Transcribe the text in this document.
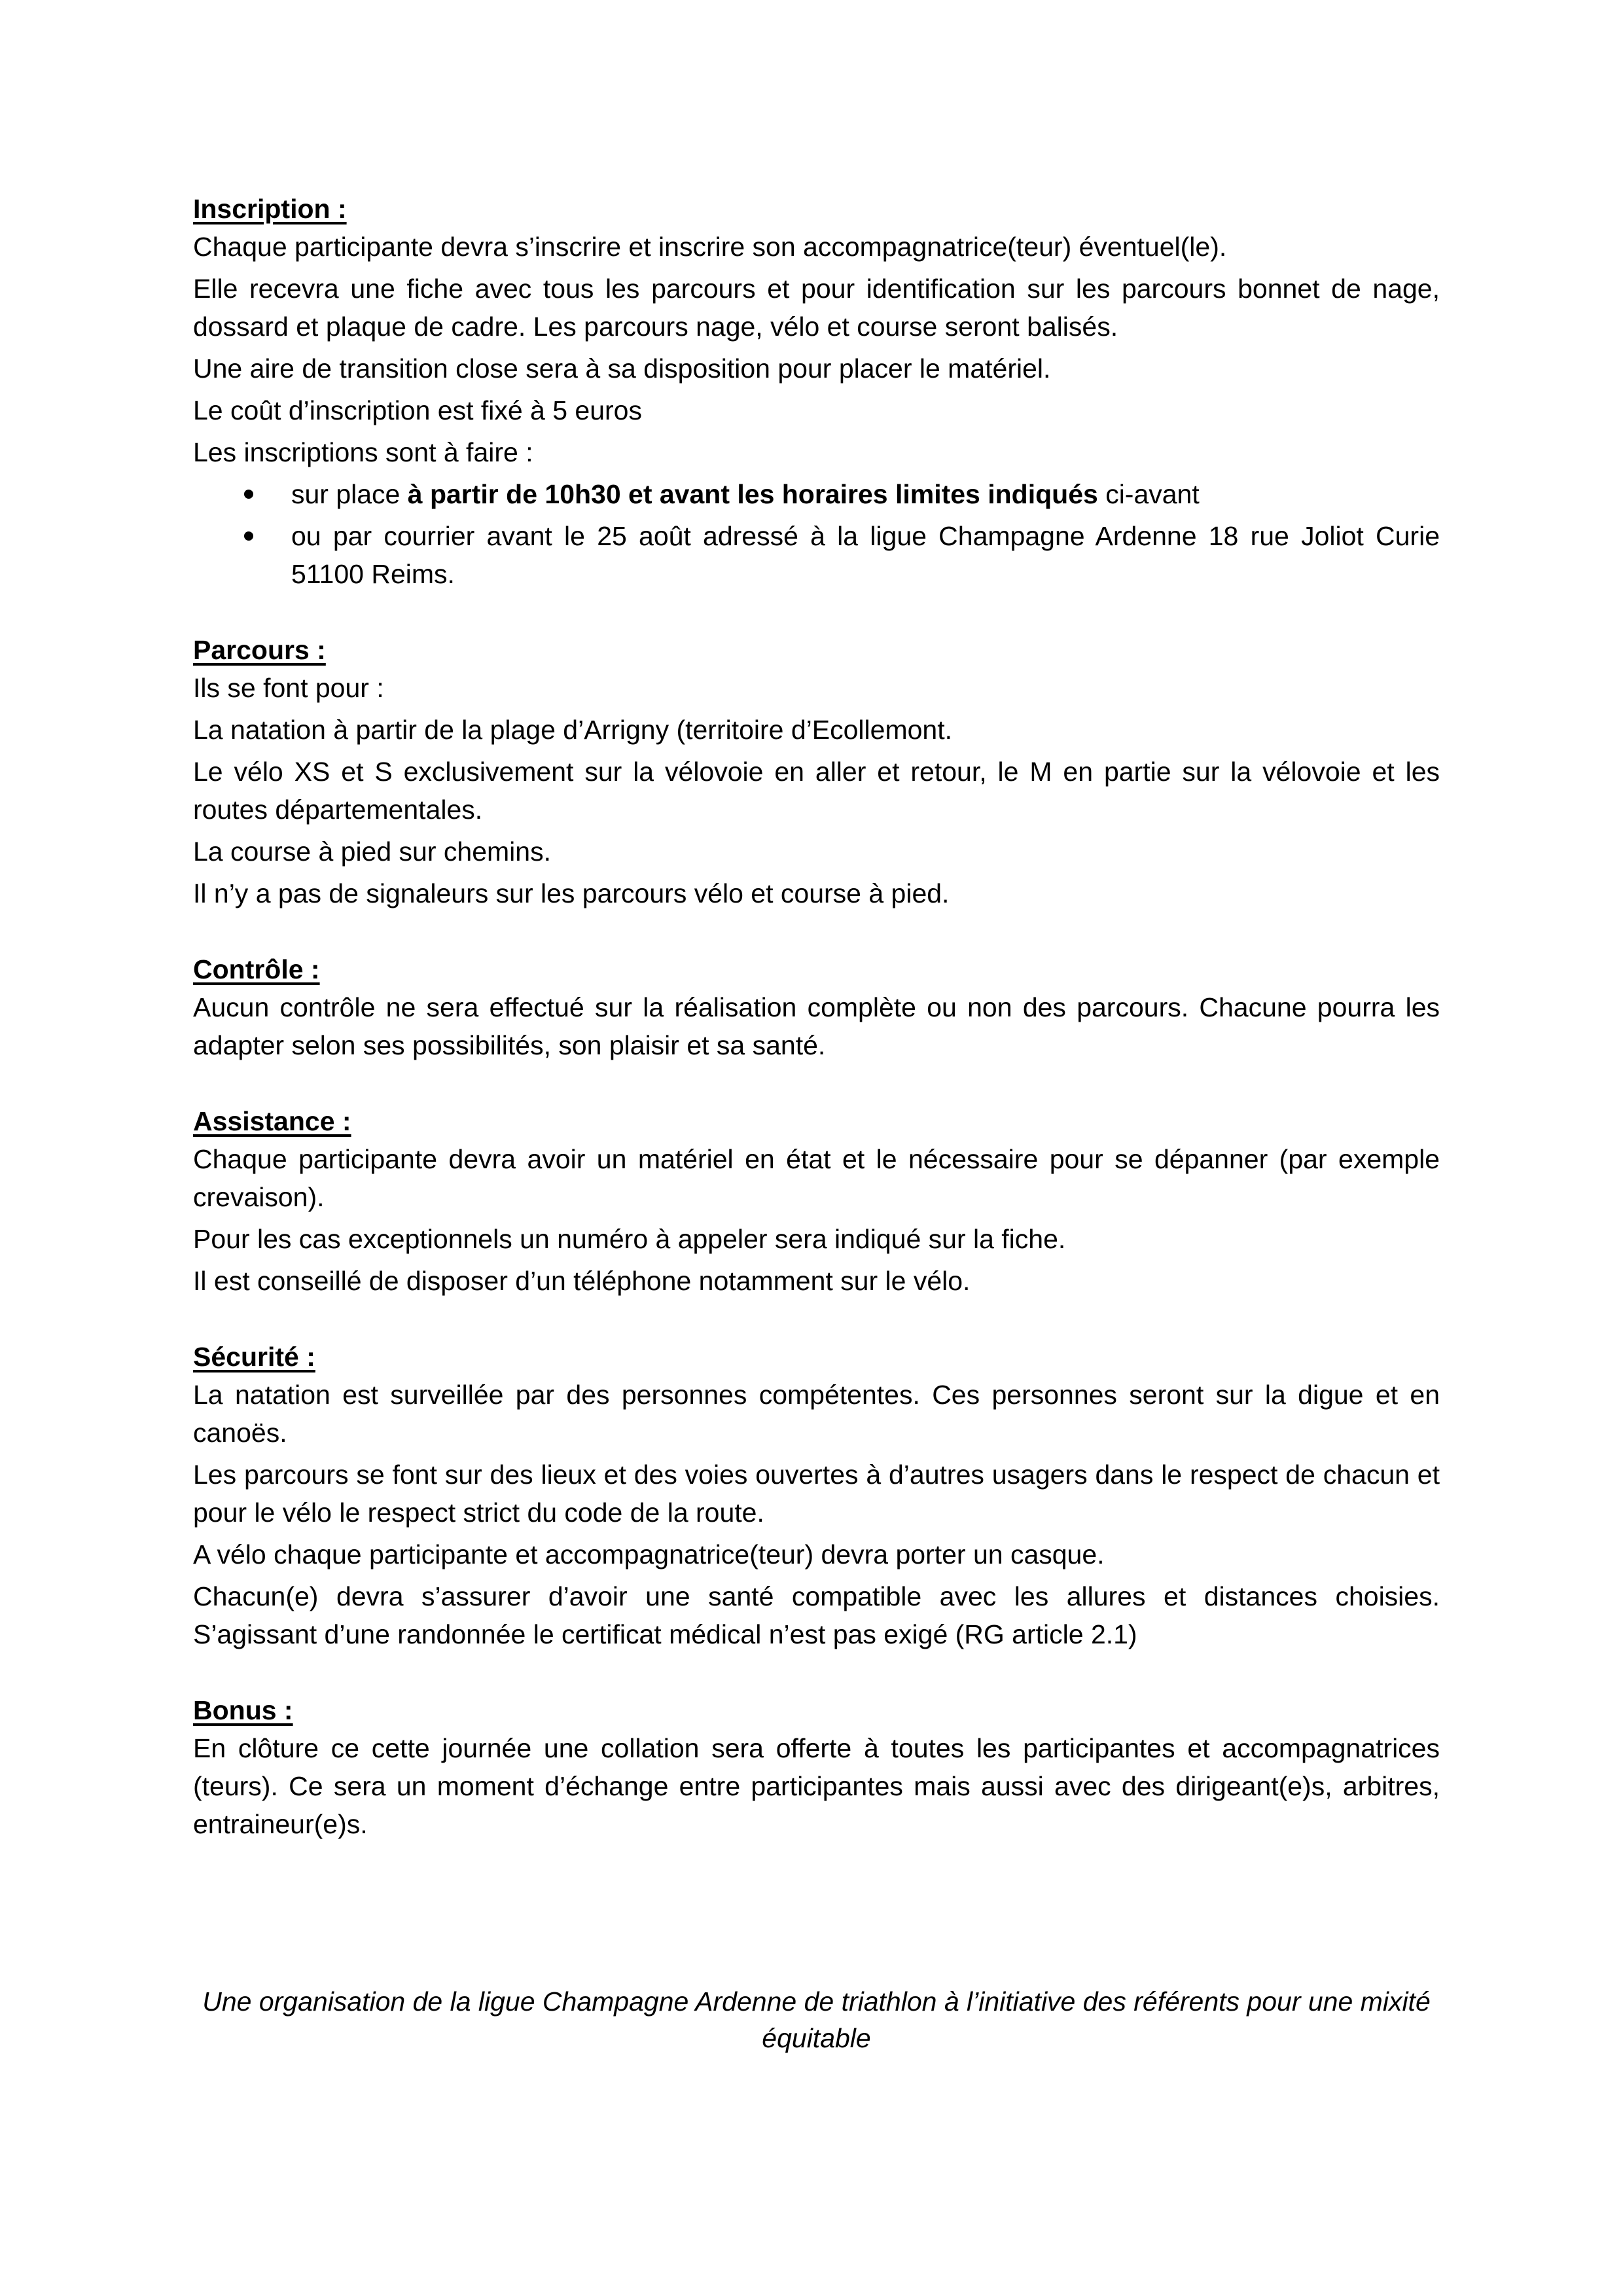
Inscription :

Chaque participante devra s’inscrire et inscrire son accompagnatrice(teur) éventuel(le).

Elle recevra une fiche avec tous les parcours et pour identification sur les parcours bonnet de nage, dossard et plaque de cadre. Les parcours nage, vélo et course seront balisés.

Une aire de transition close sera à sa disposition pour placer le matériel.

Le coût d’inscription est fixé à 5 euros

Les inscriptions sont à faire :

sur place à partir de 10h30 et avant les horaires limites indiqués ci-avant
ou par courrier avant le 25 août adressé à la ligue Champagne Ardenne 18 rue Joliot Curie 51100 Reims.
Parcours :

Ils se font pour :

La natation à partir de la plage d’Arrigny (territoire d’Ecollemont.

Le vélo XS et S exclusivement sur la vélovoie en aller et retour, le M en partie sur la vélovoie et les routes départementales.

La course à pied sur chemins.

Il n’y a pas de signaleurs sur les parcours vélo et course à pied.

Contrôle :

Aucun contrôle ne sera effectué sur la réalisation complète ou non des parcours. Chacune pourra les adapter selon ses possibilités, son plaisir et sa santé.

Assistance :

Chaque participante devra avoir un matériel en état et le nécessaire pour se dépanner (par exemple crevaison).

Pour les cas exceptionnels un numéro à appeler sera indiqué sur la fiche.

Il est conseillé de disposer d’un téléphone notamment sur le vélo.

Sécurité :

La natation est surveillée par des personnes compétentes. Ces personnes seront sur la digue et en canoës.

Les parcours se font sur des lieux et des voies ouvertes à d’autres usagers dans le respect de chacun et pour le vélo le respect strict du code de la route.

A vélo chaque participante et accompagnatrice(teur) devra porter un casque.

Chacun(e) devra s’assurer d’avoir une santé compatible avec les allures et distances choisies. S’agissant d’une randonnée le certificat médical n’est pas exigé (RG article 2.1)

Bonus :

En clôture ce cette journée une collation sera offerte à toutes les participantes et accompagnatrices (teurs). Ce sera un moment d’échange entre participantes mais aussi avec des dirigeant(e)s, arbitres, entraineur(e)s.

Une organisation de la ligue Champagne Ardenne de triathlon à l’initiative des référents pour une mixité équitable
